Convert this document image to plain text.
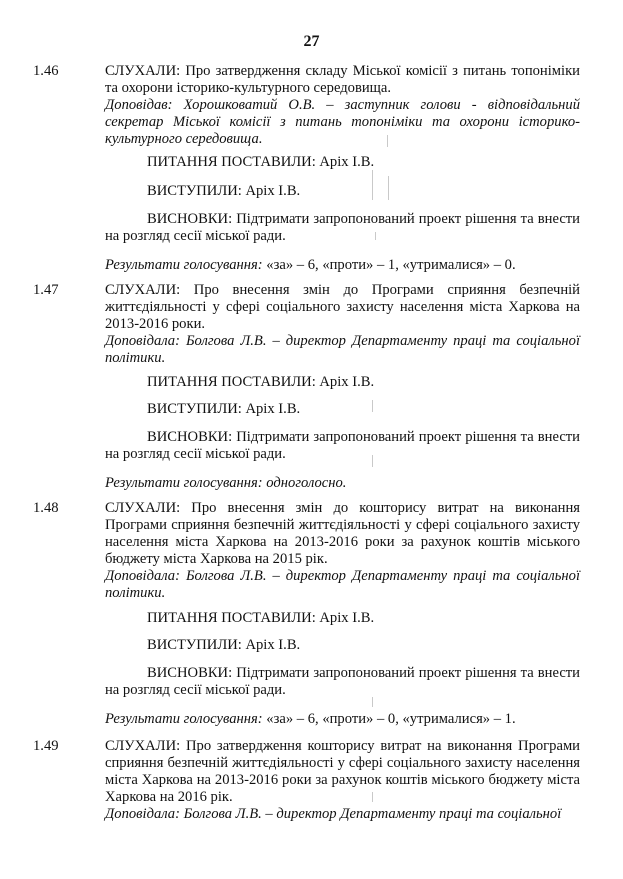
27
1.46	СЛУХАЛИ: Про затвердження складу Міської комісії з питань топоніміки та охорони історико-культурного середовища.

Доповідав: Хорошковатий О.В. – заступник голови - відповідальний секретар Міської комісії з питань топоніміки та охорони історико-культурного середовища.

ПИТАННЯ ПОСТАВИЛИ: Аріх І.В.
ВИСТУПИЛИ: Аріх І.В.
ВИСНОВКИ: Підтримати запропонований проект рішення та внести на розгляд сесії міської ради.
Результати голосування: «за» – 6, «проти» – 1, «утрималися» – 0.
1.47	СЛУХАЛИ: Про внесення змін до Програми сприяння безпечній життєдіяльності у сфері соціального захисту населення міста Харкова на 2013-2016 роки.

Доповідала: Болгова Л.В. – директор Департаменту праці та соціальної політики.

ПИТАННЯ ПОСТАВИЛИ: Аріх І.В.
ВИСТУПИЛИ: Аріх І.В.
ВИСНОВКИ: Підтримати запропонований проект рішення та внести на розгляд сесії міської ради.
Результати голосування: одноголосно.
1.48	СЛУХАЛИ: Про внесення змін до кошторису витрат на виконання Програми сприяння безпечній життєдіяльності у сфері соціального захисту населення міста Харкова на 2013-2016 роки за рахунок коштів міського бюджету міста Харкова на 2015 рік.

Доповідала: Болгова Л.В. – директор Департаменту праці та соціальної політики.

ПИТАННЯ ПОСТАВИЛИ: Аріх І.В.
ВИСТУПИЛИ: Аріх І.В.
ВИСНОВКИ: Підтримати запропонований проект рішення та внести на розгляд сесії міської ради.
Результати голосування: «за» – 6, «проти» – 0, «утрималися» – 1.
1.49	СЛУХАЛИ: Про затвердження кошторису витрат на виконання Програми сприяння безпечній життєдіяльності у сфері соціального захисту населення міста Харкова на 2013-2016 роки за рахунок коштів міського бюджету міста Харкова на 2016 рік.

Доповідала: Болгова Л.В. – директор Департаменту праці та соціальної
